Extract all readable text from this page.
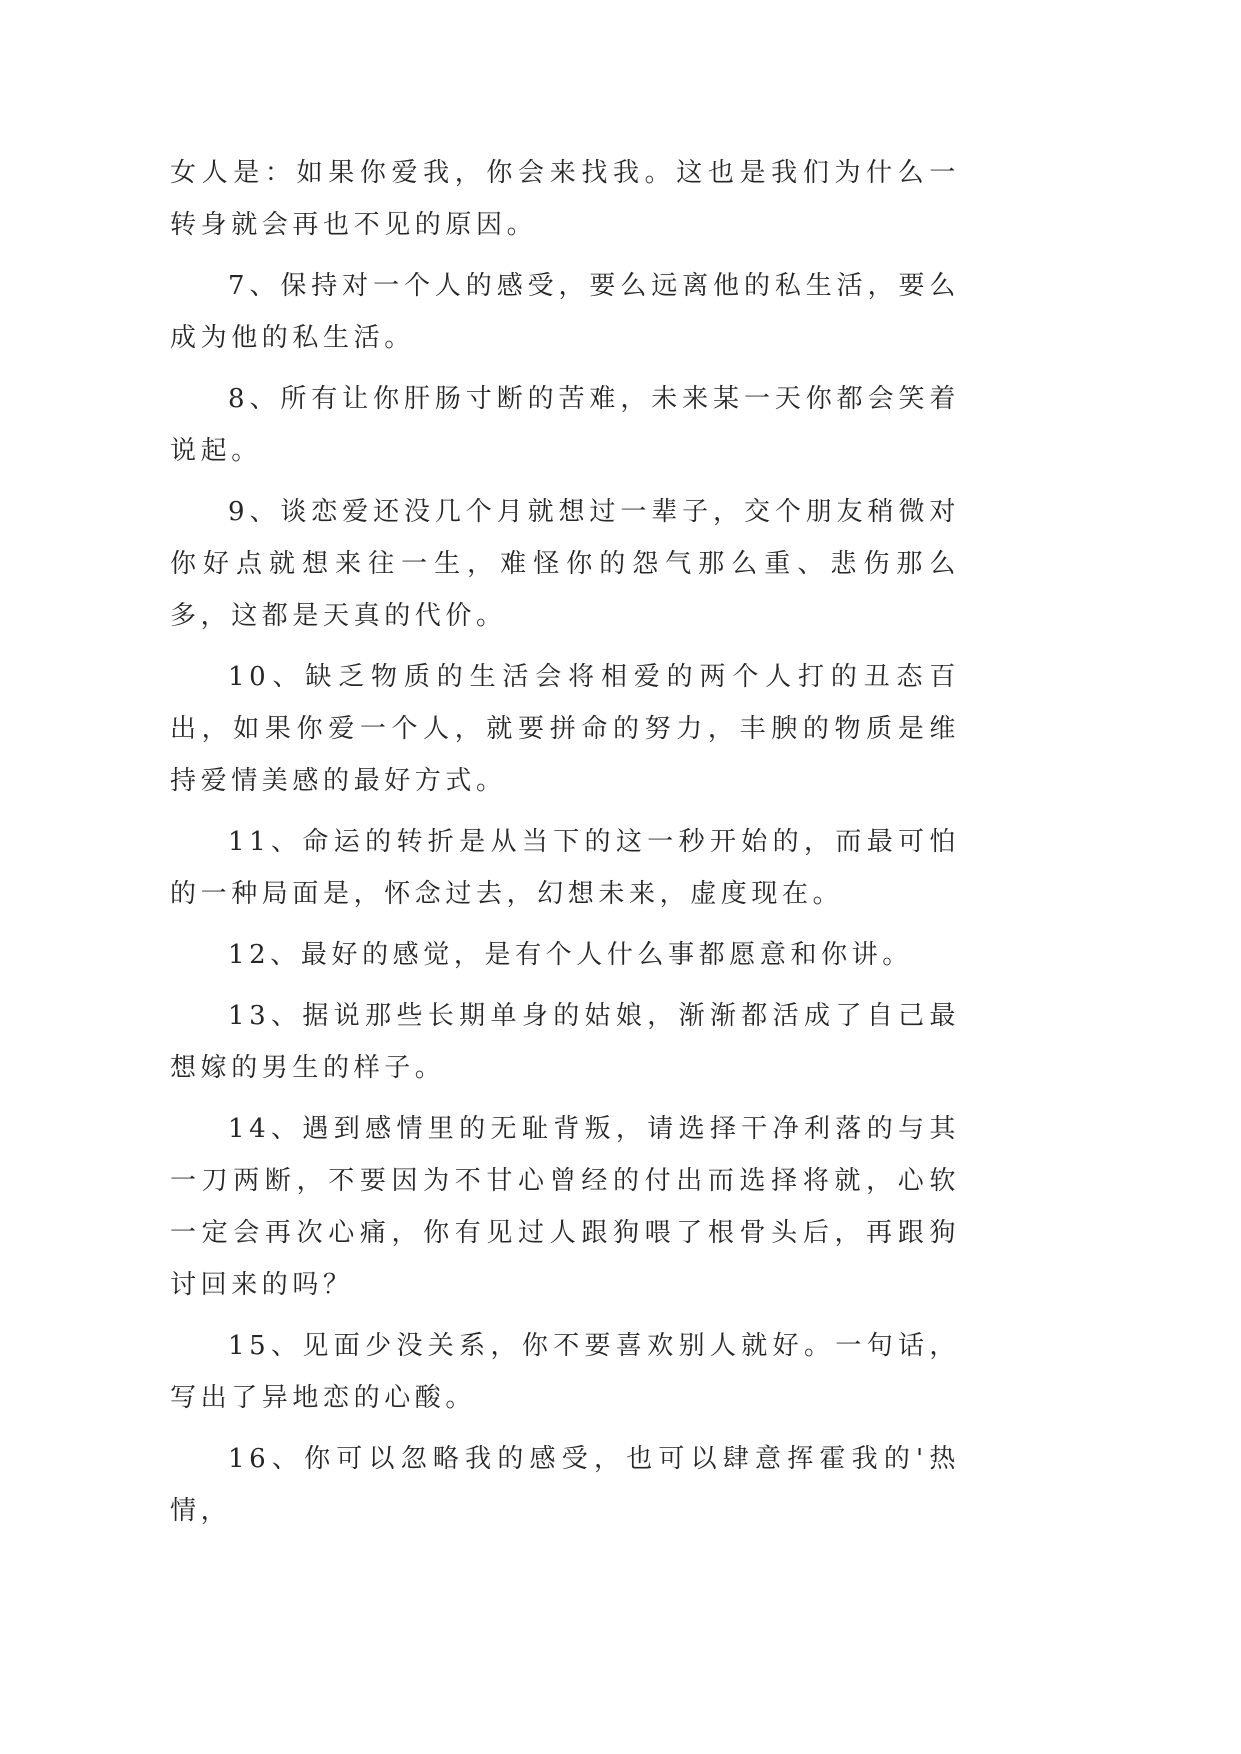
女人是：如果你爱我，你会来找我。这也是我们为什么一转身就会再也不见的原因。

7、保持对一个人的感受，要么远离他的私生活，要么成为他的私生活。

8、所有让你肝肠寸断的苦难，未来某一天你都会笑着说起。

9、谈恋爱还没几个月就想过一辈子，交个朋友稍微对你好点就想来往一生，难怪你的怨气那么重、悲伤那么多，这都是天真的代价。

10、缺乏物质的生活会将相爱的两个人打的丑态百出，如果你爱一个人，就要拼命的努力，丰腴的物质是维持爱情美感的最好方式。

11、命运的转折是从当下的这一秒开始的，而最可怕的一种局面是，怀念过去，幻想未来，虚度现在。

12、最好的感觉，是有个人什么事都愿意和你讲。

13、据说那些长期单身的姑娘，渐渐都活成了自己最想嫁的男生的样子。

14、遇到感情里的无耻背叛，请选择干净利落的与其一刀两断，不要因为不甘心曾经的付出而选择将就，心软一定会再次心痛，你有见过人跟狗喂了根骨头后，再跟狗讨回来的吗？

15、见面少没关系，你不要喜欢别人就好。一句话，写出了异地恋的心酸。

16、你可以忽略我的感受，也可以肆意挥霍我的'热情，
